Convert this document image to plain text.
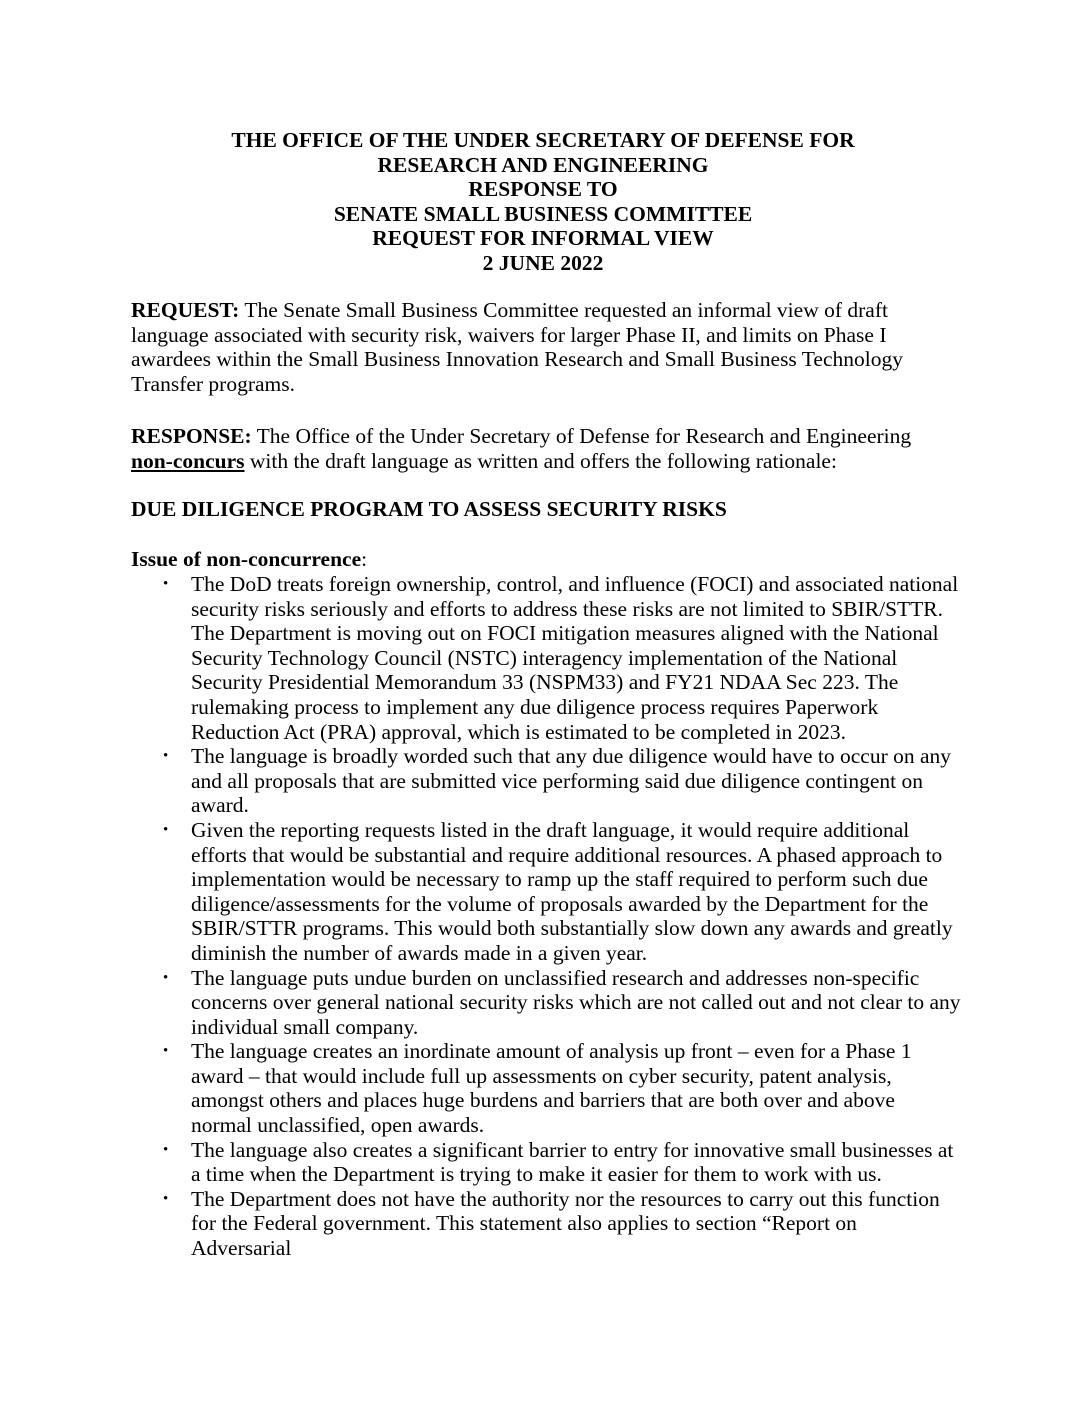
THE OFFICE OF THE UNDER SECRETARY OF DEFENSE FOR
RESEARCH AND ENGINEERING
RESPONSE TO
SENATE SMALL BUSINESS COMMITTEE
REQUEST FOR INFORMAL VIEW
2 JUNE 2022
REQUEST: The Senate Small Business Committee requested an informal view of draft language associated with security risk, waivers for larger Phase II, and limits on Phase I awardees within the Small Business Innovation Research and Small Business Technology Transfer programs.
RESPONSE: The Office of the Under Secretary of Defense for Research and Engineering non-concurs with the draft language as written and offers the following rationale:
DUE DILIGENCE PROGRAM TO ASSESS SECURITY RISKS
Issue of non-concurrence:
• The DoD treats foreign ownership, control, and influence (FOCI) and associated national security risks seriously and efforts to address these risks are not limited to SBIR/STTR. The Department is moving out on FOCI mitigation measures aligned with the National Security Technology Council (NSTC) interagency implementation of the National Security Presidential Memorandum 33 (NSPM33) and FY21 NDAA Sec 223. The rulemaking process to implement any due diligence process requires Paperwork Reduction Act (PRA) approval, which is estimated to be completed in 2023.
• The language is broadly worded such that any due diligence would have to occur on any and all proposals that are submitted vice performing said due diligence contingent on award.
• Given the reporting requests listed in the draft language, it would require additional efforts that would be substantial and require additional resources. A phased approach to implementation would be necessary to ramp up the staff required to perform such due diligence/assessments for the volume of proposals awarded by the Department for the SBIR/STTR programs. This would both substantially slow down any awards and greatly diminish the number of awards made in a given year.
• The language puts undue burden on unclassified research and addresses non-specific concerns over general national security risks which are not called out and not clear to any individual small company.
• The language creates an inordinate amount of analysis up front – even for a Phase 1 award – that would include full up assessments on cyber security, patent analysis, amongst others and places huge burdens and barriers that are both over and above normal unclassified, open awards.
• The language also creates a significant barrier to entry for innovative small businesses at a time when the Department is trying to make it easier for them to work with us.
• The Department does not have the authority nor the resources to carry out this function for the Federal government. This statement also applies to section “Report on Adversarial
